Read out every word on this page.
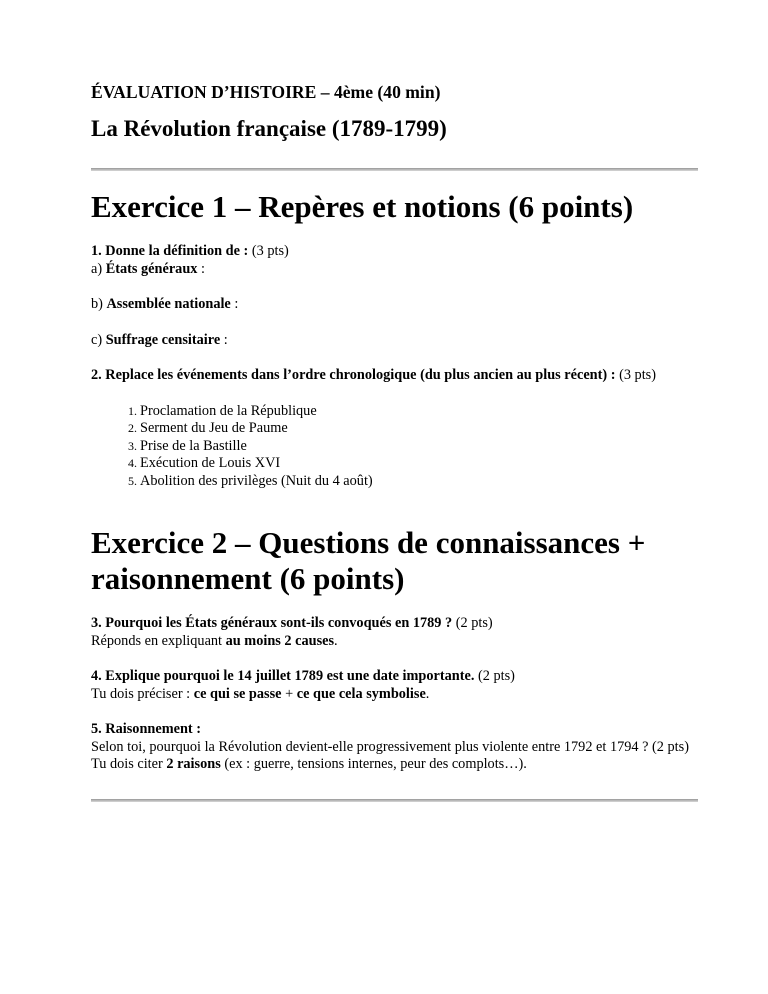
ÉVALUATION D’HISTOIRE – 4ème (40 min)

La Révolution française (1789-1799)
Exercice 1 – Repères et notions (6 points)

1. Donne la définition de : (3 pts)
a) États généraux :

b) Assemblée nationale :

c) Suffrage censitaire :

2. Replace les événements dans l’ordre chronologique (du plus ancien au plus récent) : (3 pts)

1. Proclamation de la République
2. Serment du Jeu de Paume
3. Prise de la Bastille
4. Exécution de Louis XVI
5. Abolition des privilèges (Nuit du 4 août)
Exercice 2 – Questions de connaissances + raisonnement (6 points)

3. Pourquoi les États généraux sont-ils convoqués en 1789 ? (2 pts)
Réponds en expliquant au moins 2 causes.

4. Explique pourquoi le 14 juillet 1789 est une date importante. (2 pts)
Tu dois préciser : ce qui se passe + ce que cela symbolise.

5. Raisonnement :
Selon toi, pourquoi la Révolution devient-elle progressivement plus violente entre 1792 et 1794 ? (2 pts)
Tu dois citer 2 raisons (ex : guerre, tensions internes, peur des complots…).
